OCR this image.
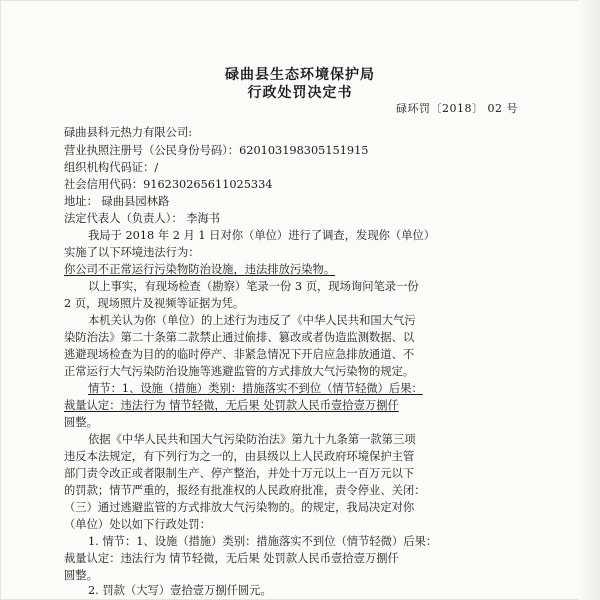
碌曲县生态环境保护局
行政处罚决定书
碌环罚〔2018〕 02 号
碌曲县科元热力有限公司:
营业执照注册号（公民身份号码）：620103198305151915
组织机构代码证：/
社会信用代码：916230265611025334
地址： 碌曲县园林路
法定代表人（负责人）： 李海书
我局于 2018 年 2 月 1 日对你（单位）进行了调查，发现你（单位）
实施了以下环境违法行为：
你公司不正常运行污染物防治设施，违法排放污染物。
以上事实，有现场检查（勘察）笔录一份 3 页，现场询问笔录一份
2 页，现场照片及视频等证据为凭。
本机关认为你（单位）的上述行为违反了《中华人民共和国大气污
染防治法》第二十条第二款禁止通过偷排、篡改或者伪造监测数据、以
逃避现场检查为目的的临时停产、非紧急情况下开启应急排放通道、不
正常运行大气污染防治设施等逃避监管的方式排放大气污染物的规定。
情节：1、设施（措施）类别：措施落实不到位（情节轻微）后果：
裁量认定：违法行为 情节轻微，无后果 处罚款人民币壹拾壹万捌仟
圆整。
依据《中华人民共和国大气污染防治法》第九十九条第一款第三项
违反本法规定，有下列行为之一的，由县级以上人民政府环境保护主管
部门责令改正或者限制生产、停产整治，并处十万元以上一百万元以下
的罚款；情节严重的，报经有批准权的人民政府批准，责令停业、关闭：
（三）通过逃避监管的方式排放大气污染物的。的规定，我局决定对你
（单位）处以如下行政处罚：
1. 情节：1、设施（措施）类别：措施落实不到位（情节轻微）后果：
裁量认定：违法行为 情节轻微，无后果 处罚款人民币壹拾壹万捌仟
圆整。
2. 罚款（大写）壹拾壹万捌仟圆元。
